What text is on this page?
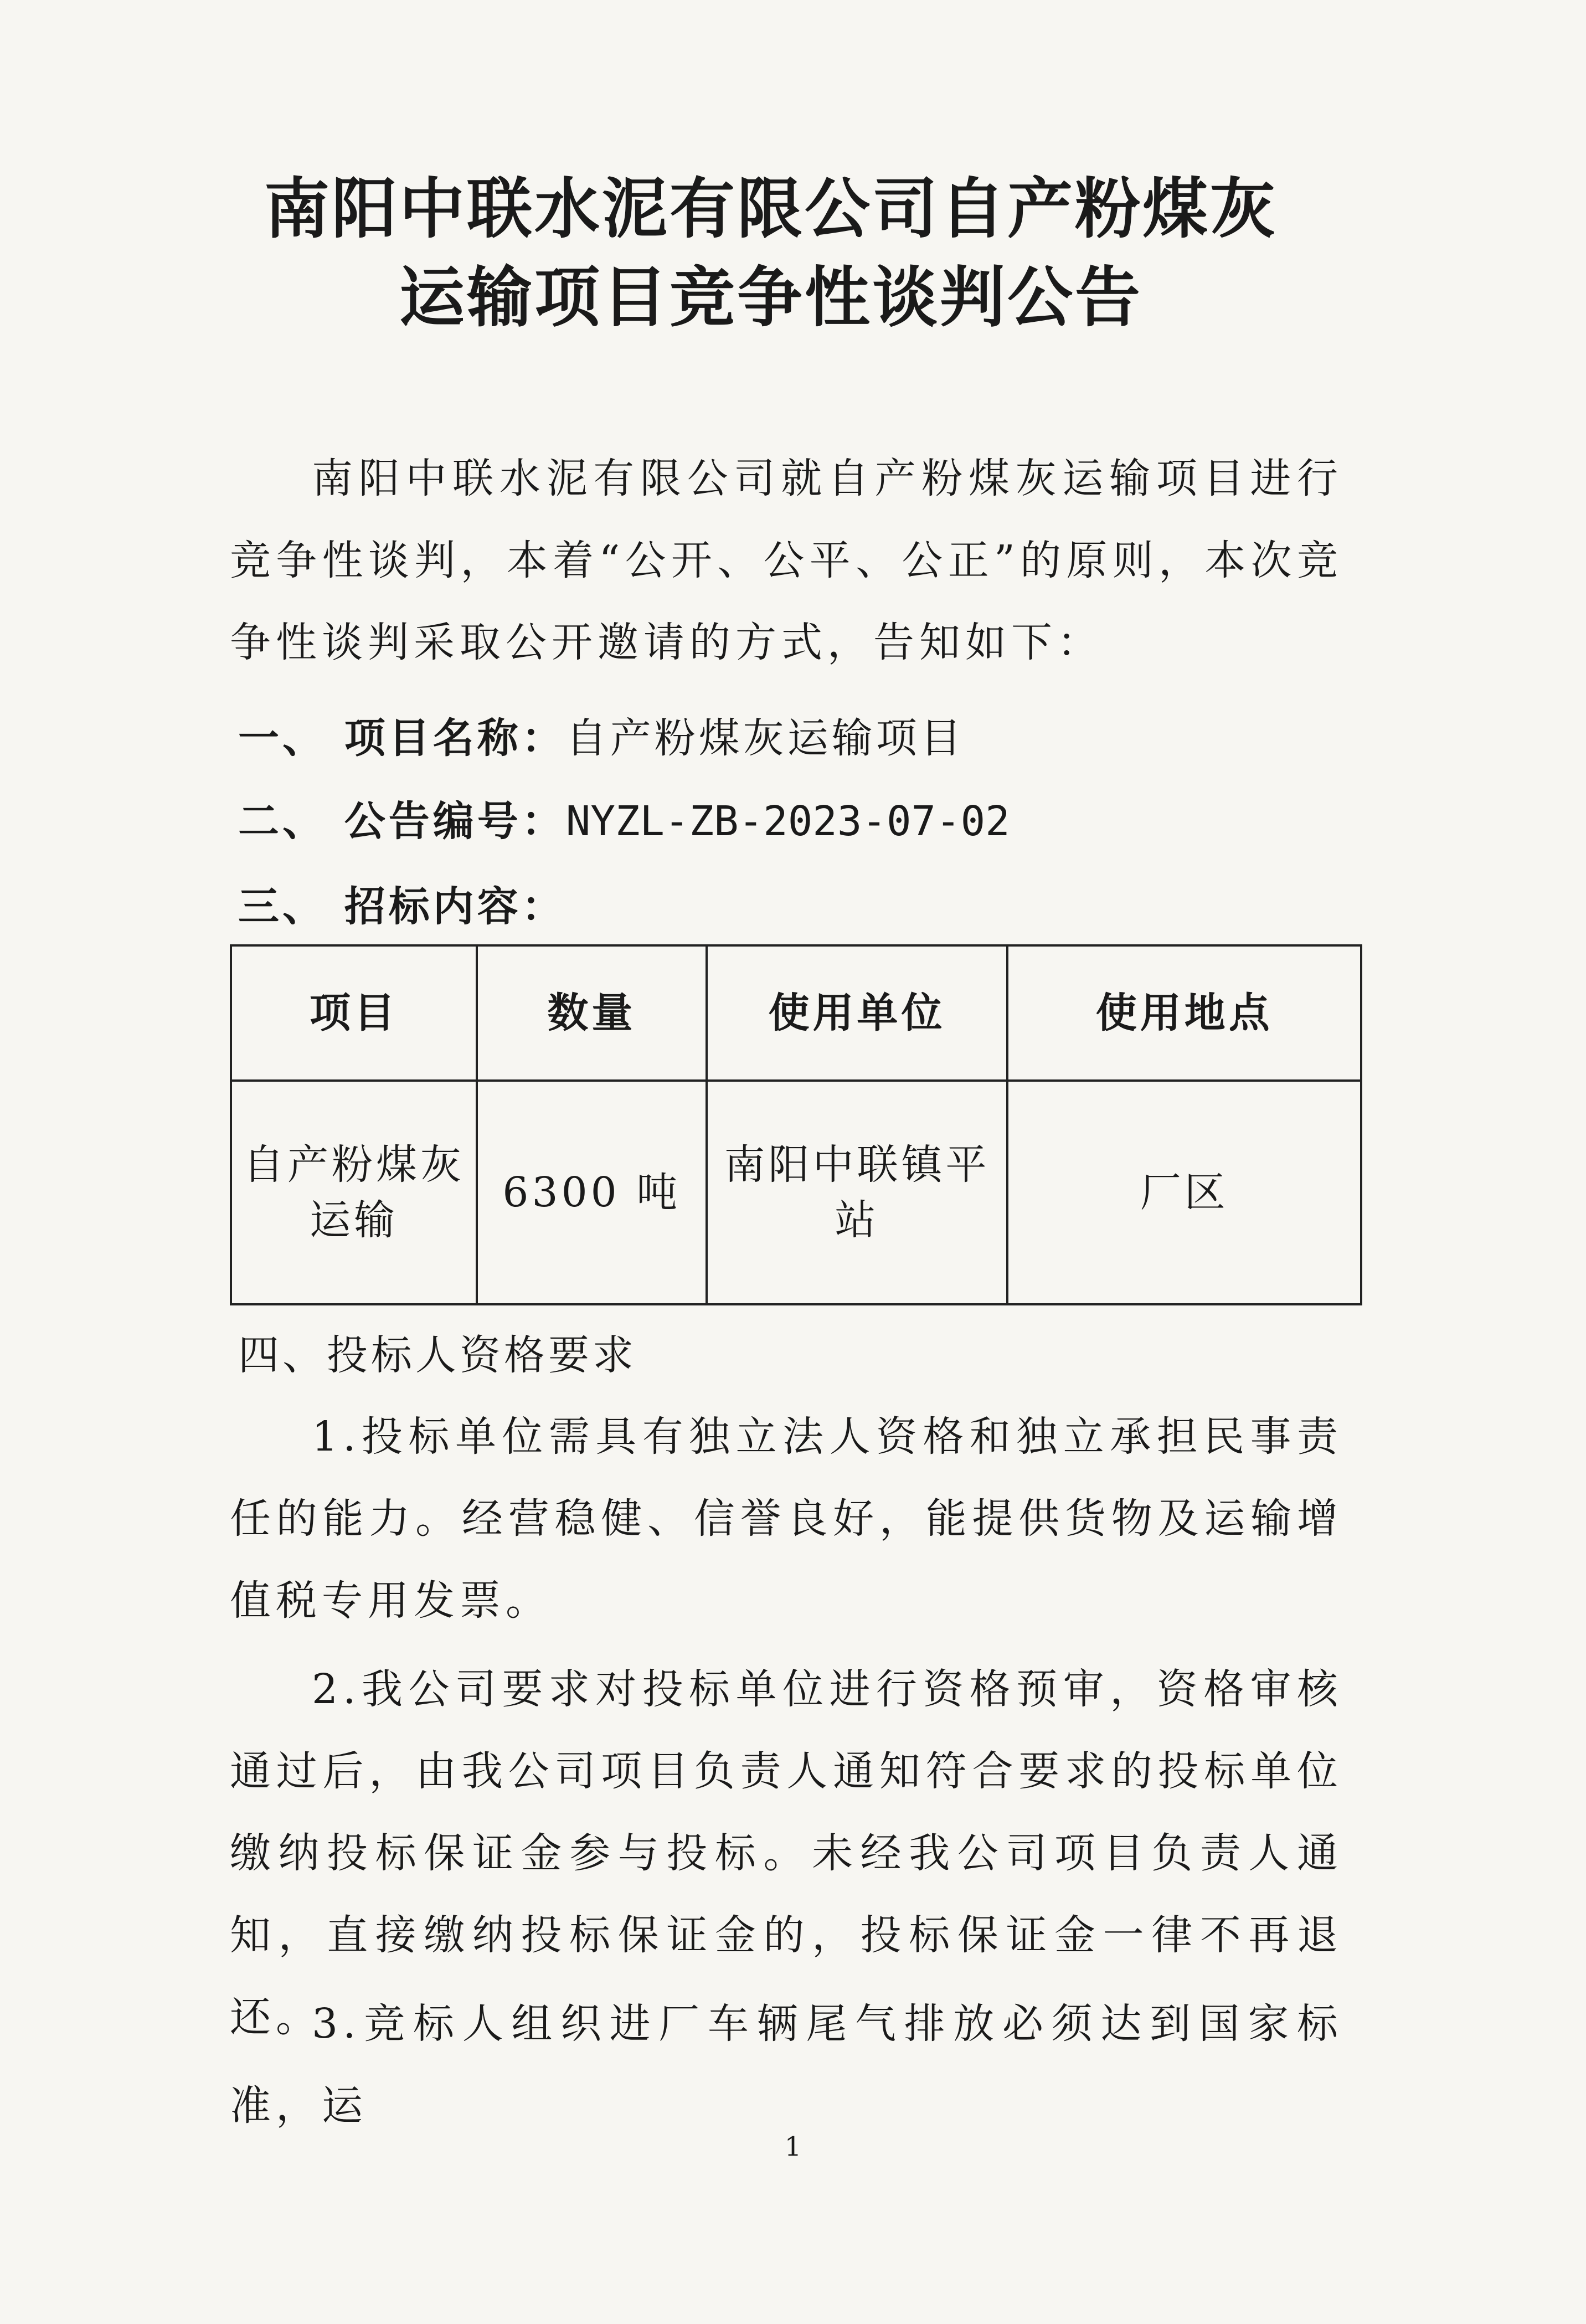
南阳中联水泥有限公司自产粉煤灰
运输项目竞争性谈判公告

南阳中联水泥有限公司就自产粉煤灰运输项目进行竞争性谈判，本着“公开、公平、公正”的原则，本次竞争性谈判采取公开邀请的方式，告知如下：

一、 项目名称：自产粉煤灰运输项目

二、 公告编号：NYZL-ZB-2023-07-02

三、 招标内容：

项目	数量	使用单位	使用地点
自产粉煤灰运输	6300 吨	南阳中联镇平站	厂区

四、投标人资格要求

1.投标单位需具有独立法人资格和独立承担民事责任的能力。经营稳健、信誉良好，能提供货物及运输增值税专用发票。

2.我公司要求对投标单位进行资格预审，资格审核通过后，由我公司项目负责人通知符合要求的投标单位缴纳投标保证金参与投标。未经我公司项目负责人通知，直接缴纳投标保证金的，投标保证金一律不再退还。

3.竞标人组织进厂车辆尾气排放必须达到国家标准，运

1
